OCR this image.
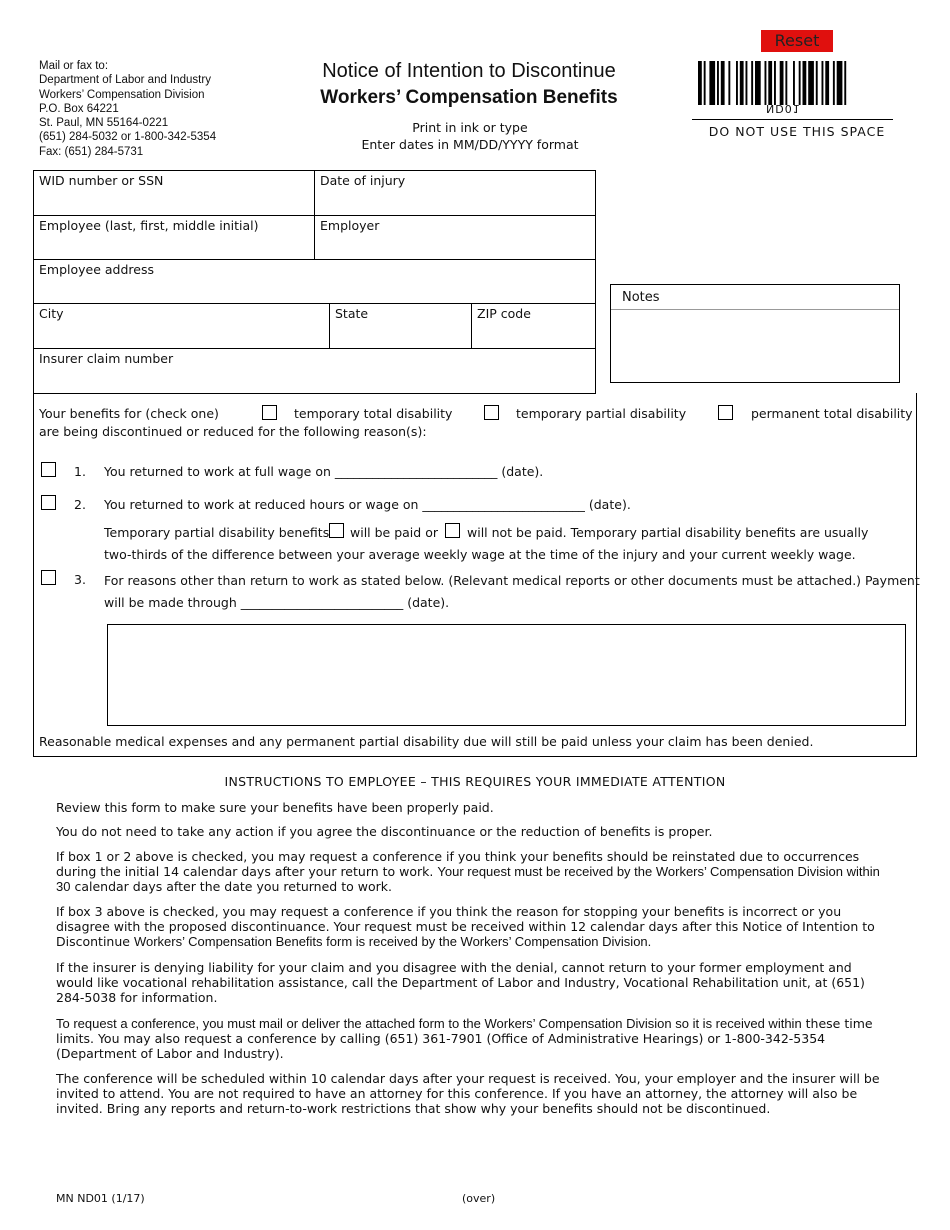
Mail or fax to:
Department of Labor and Industry
Workers’ Compensation Division
P.O. Box 64221
St. Paul, MN 55164-0221
(651) 284-5032 or 1-800-342-5354
Fax: (651) 284-5731
Notice of Intention to Discontinue
Workers’ Compensation Benefits
Print in ink or type
Enter dates in MM/DD/YYYY format
Reset
ND01
DO NOT USE THIS SPACE
WID number or SSN	Date of injury
Employee (last, first, middle initial)	Employer
Employee address
City	State	ZIP code
Insurer claim number
Notes
Your benefits for (check one)	temporary total disability	temporary partial disability	permanent total disability
are being discontinued or reduced for the following reason(s):
1. You returned to work at full wage on __________________________ (date).
2. You returned to work at reduced hours or wage on __________________________ (date).
Temporary partial disability benefits will be paid or will not be paid. Temporary partial disability benefits are usually
two-thirds of the difference between your average weekly wage at the time of the injury and your current weekly wage.
3. For reasons other than return to work as stated below. (Relevant medical reports or other documents must be attached.) Payment
will be made through __________________________ (date).
Reasonable medical expenses and any permanent partial disability due will still be paid unless your claim has been denied.
INSTRUCTIONS TO EMPLOYEE – THIS REQUIRES YOUR IMMEDIATE ATTENTION
Review this form to make sure your benefits have been properly paid.
You do not need to take any action if you agree the discontinuance or the reduction of benefits is proper.
If box 1 or 2 above is checked, you may request a conference if you think your benefits should be reinstated due to occurrences during the initial 14 calendar days after your return to work. Your request must be received by the Workers’ Compensation Division within 30 calendar days after the date you returned to work.
If box 3 above is checked, you may request a conference if you think the reason for stopping your benefits is incorrect or you disagree with the proposed discontinuance. Your request must be received within 12 calendar days after this Notice of Intention to Discontinue Workers’ Compensation Benefits form is received by the Workers’ Compensation Division.
If the insurer is denying liability for your claim and you disagree with the denial, cannot return to your former employment and would like vocational rehabilitation assistance, call the Department of Labor and Industry, Vocational Rehabilitation unit, at (651) 284-5038 for information.
To request a conference, you must mail or deliver the attached form to the Workers’ Compensation Division so it is received within these time limits. You may also request a conference by calling (651) 361-7901 (Office of Administrative Hearings) or 1-800-342-5354 (Department of Labor and Industry).
The conference will be scheduled within 10 calendar days after your request is received. You, your employer and the insurer will be invited to attend. You are not required to have an attorney for this conference. If you have an attorney, the attorney will also be invited. Bring any reports and return-to-work restrictions that show why your benefits should not be discontinued.
MN ND01 (1/17)	(over)
